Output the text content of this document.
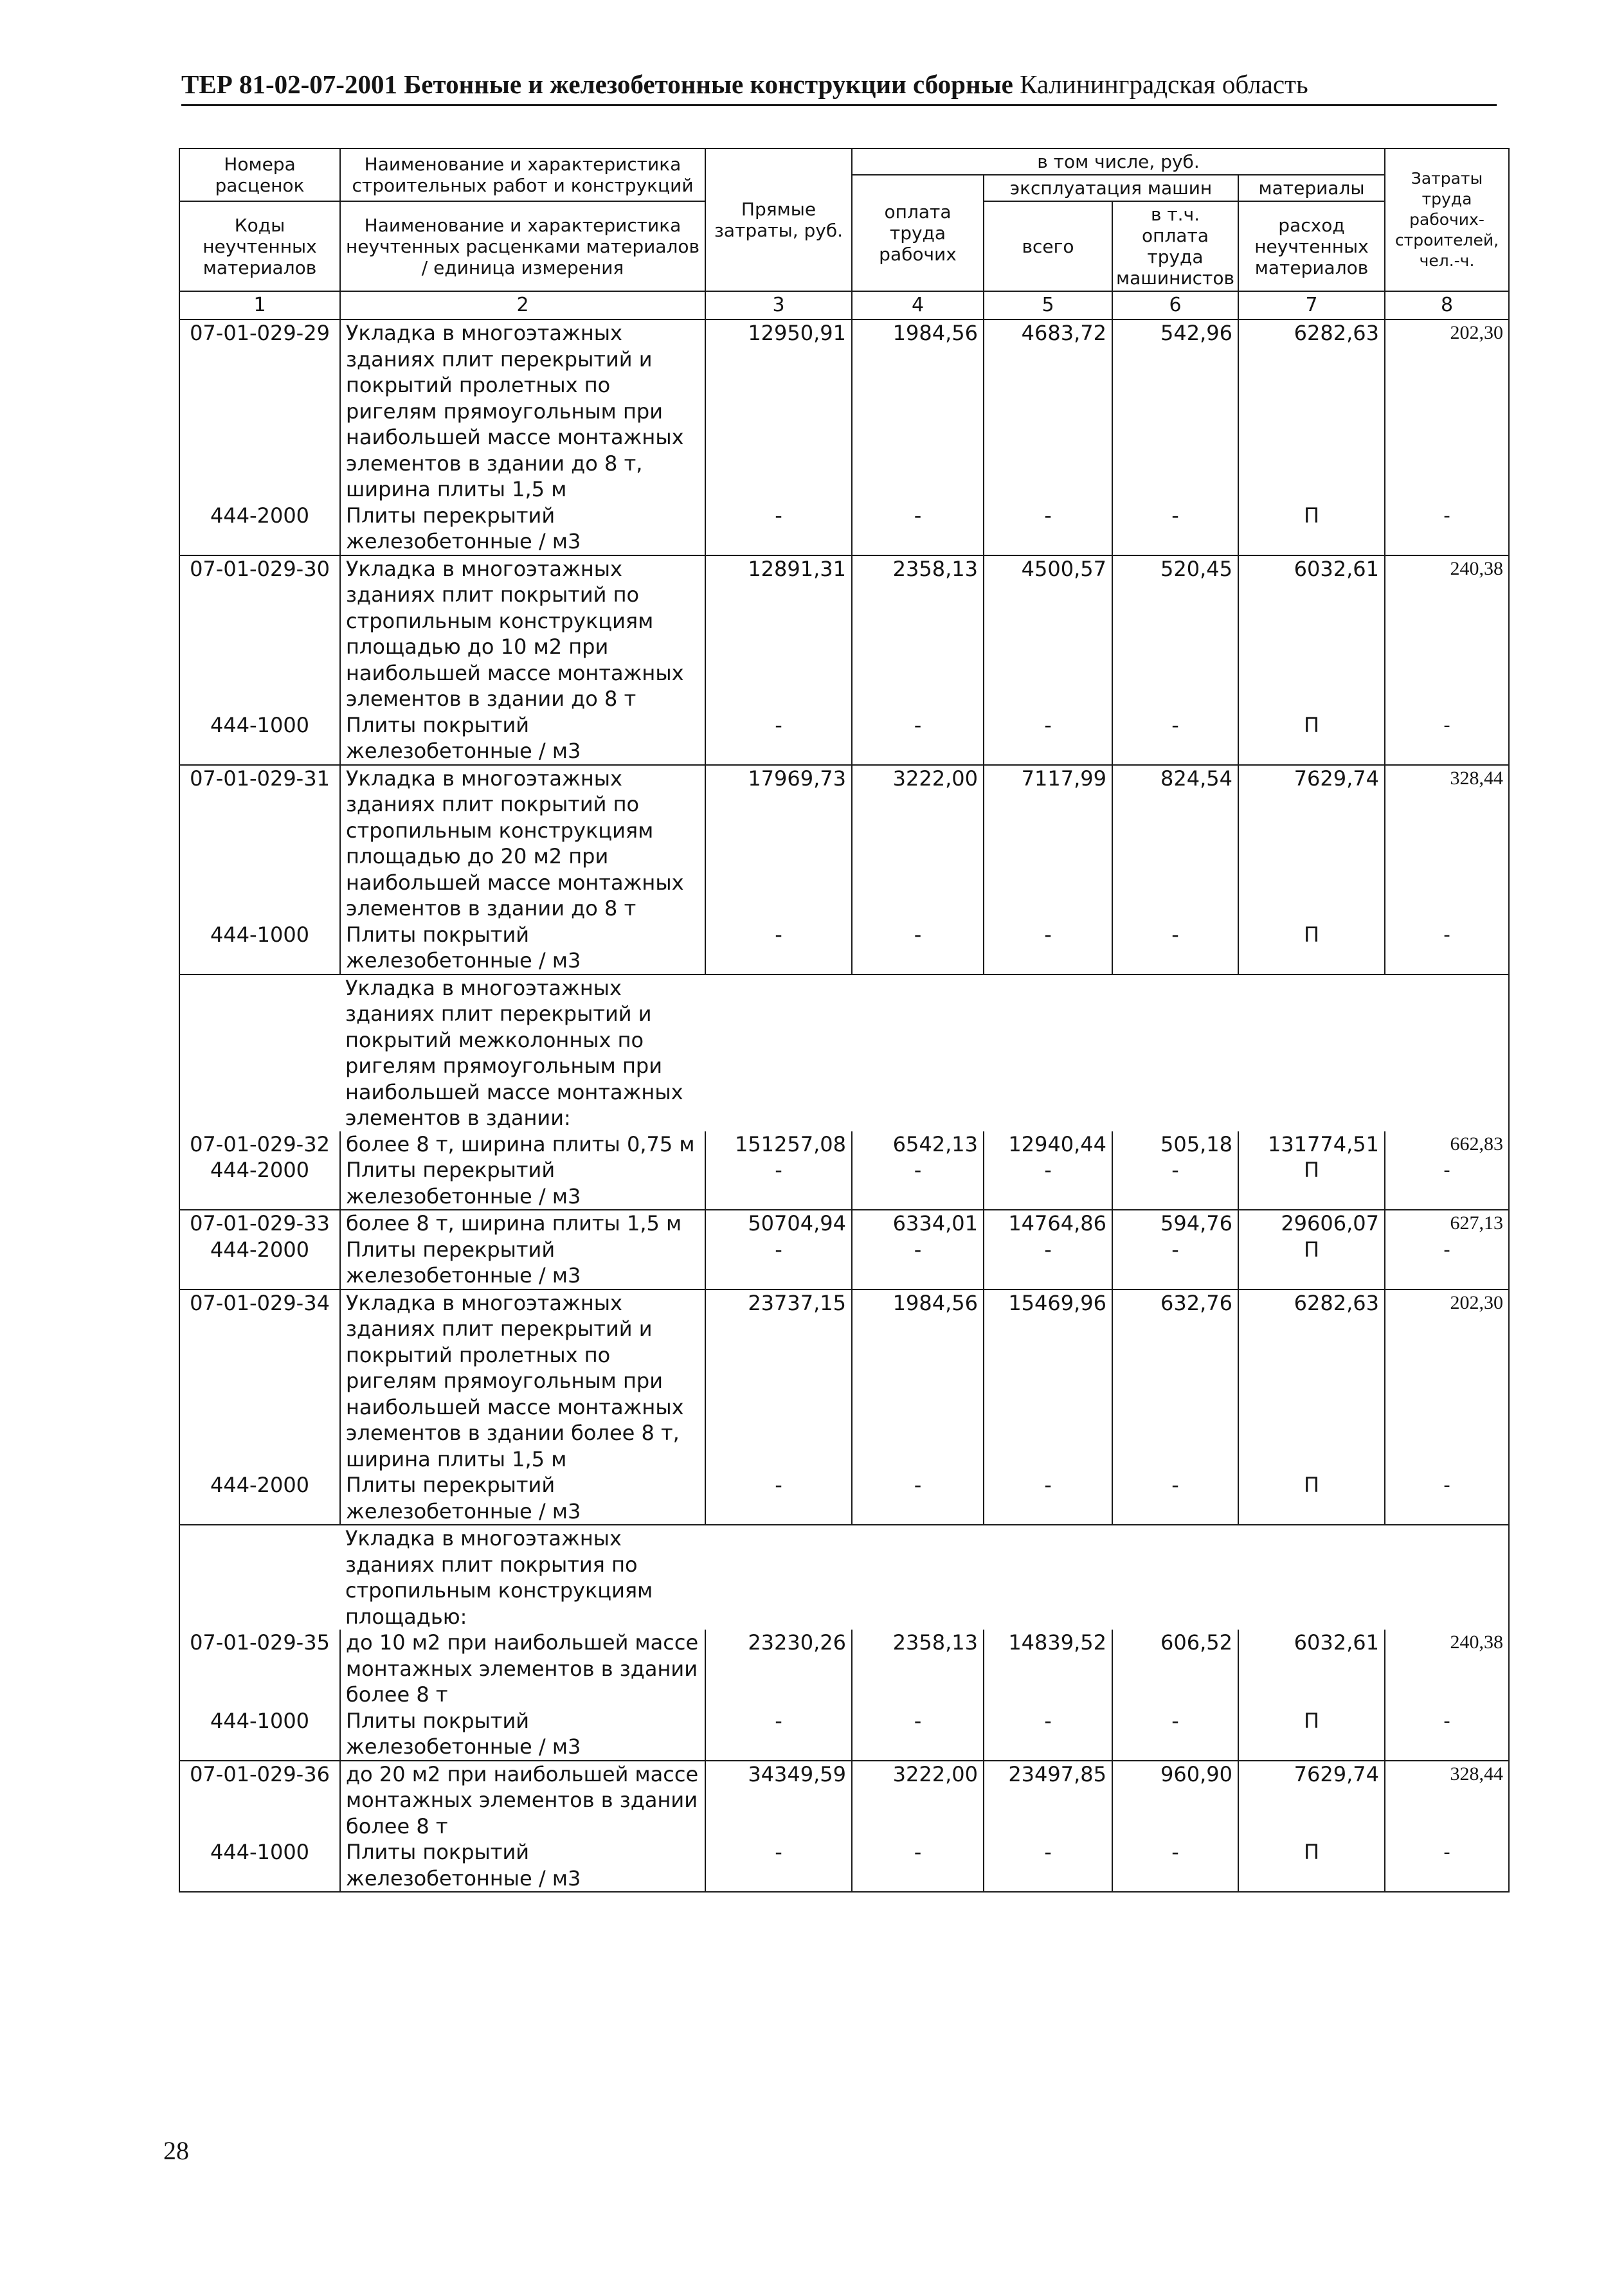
ТЕР 81-02-07-2001 Бетонные и железобетонные конструкции сборные Калининградская область
Номера расценок	Наименование и характеристика строительных работ и конструкций	Прямые затраты, руб.	в том числе, руб.				Затраты труда рабочих-строителей, чел.-ч.
			оплата труда рабочих	эксплуатация машин		материалы	
Коды неучтенных материалов	Наименование и характеристика неучтенных расценками материалов / единица измерения			всего	в т.ч. оплата труда машинистов	расход неучтенных материалов	

1	2	3	4	5	6	7	8
07-01-029-29	Укладка в многоэтажных зданиях плит перекрытий и покрытий пролетных по ригелям прямоугольным при наибольшей массе монтажных элементов в здании до 8 т, ширина плиты 1,5 м	12950,91	1984,56	4683,72	542,96	6282,63	202,30
444-2000	Плиты перекрытий железобетонные / м3	-	-	-	-	П	-
07-01-029-30	Укладка в многоэтажных зданиях плит покрытий по стропильным конструкциям площадью до 10 м2 при наибольшей массе монтажных элементов в здании до 8 т	12891,31	2358,13	4500,57	520,45	6032,61	240,38
444-1000	Плиты покрытий железобетонные / м3	-	-	-	-	П	-
07-01-029-31	Укладка в многоэтажных зданиях плит покрытий по стропильным конструкциям площадью до 20 м2 при наибольшей массе монтажных элементов в здании до 8 т	17969,73	3222,00	7117,99	824,54	7629,74	328,44
444-1000	Плиты покрытий железобетонные / м3	-	-	-	-	П	-
	Укладка в многоэтажных зданиях плит перекрытий и покрытий межколонных по ригелям прямоугольным при наибольшей массе монтажных элементов в здании:						
07-01-029-32	более 8 т, ширина плиты 0,75 м	151257,08	6542,13	12940,44	505,18	131774,51	662,83
444-2000	Плиты перекрытий железобетонные / м3	-	-	-	-	П	-
07-01-029-33	более 8 т, ширина плиты 1,5 м	50704,94	6334,01	14764,86	594,76	29606,07	627,13
444-2000	Плиты перекрытий железобетонные / м3	-	-	-	-	П	-
07-01-029-34	Укладка в многоэтажных зданиях плит перекрытий и покрытий пролетных по ригелям прямоугольным при наибольшей массе монтажных элементов в здании более 8 т, ширина плиты 1,5 м	23737,15	1984,56	15469,96	632,76	6282,63	202,30
444-2000	Плиты перекрытий железобетонные / м3	-	-	-	-	П	-
	Укладка в многоэтажных зданиях плит покрытия по стропильным конструкциям площадью:						
07-01-029-35	до 10 м2 при наибольшей массе монтажных элементов в здании более 8 т	23230,26	2358,13	14839,52	606,52	6032,61	240,38
444-1000	Плиты покрытий железобетонные / м3	-	-	-	-	П	-
07-01-029-36	до 20 м2 при наибольшей массе монтажных элементов в здании более 8 т	34349,59	3222,00	23497,85	960,90	7629,74	328,44
444-1000	Плиты покрытий железобетонные / м3	-	-	-	-	П	-
28
